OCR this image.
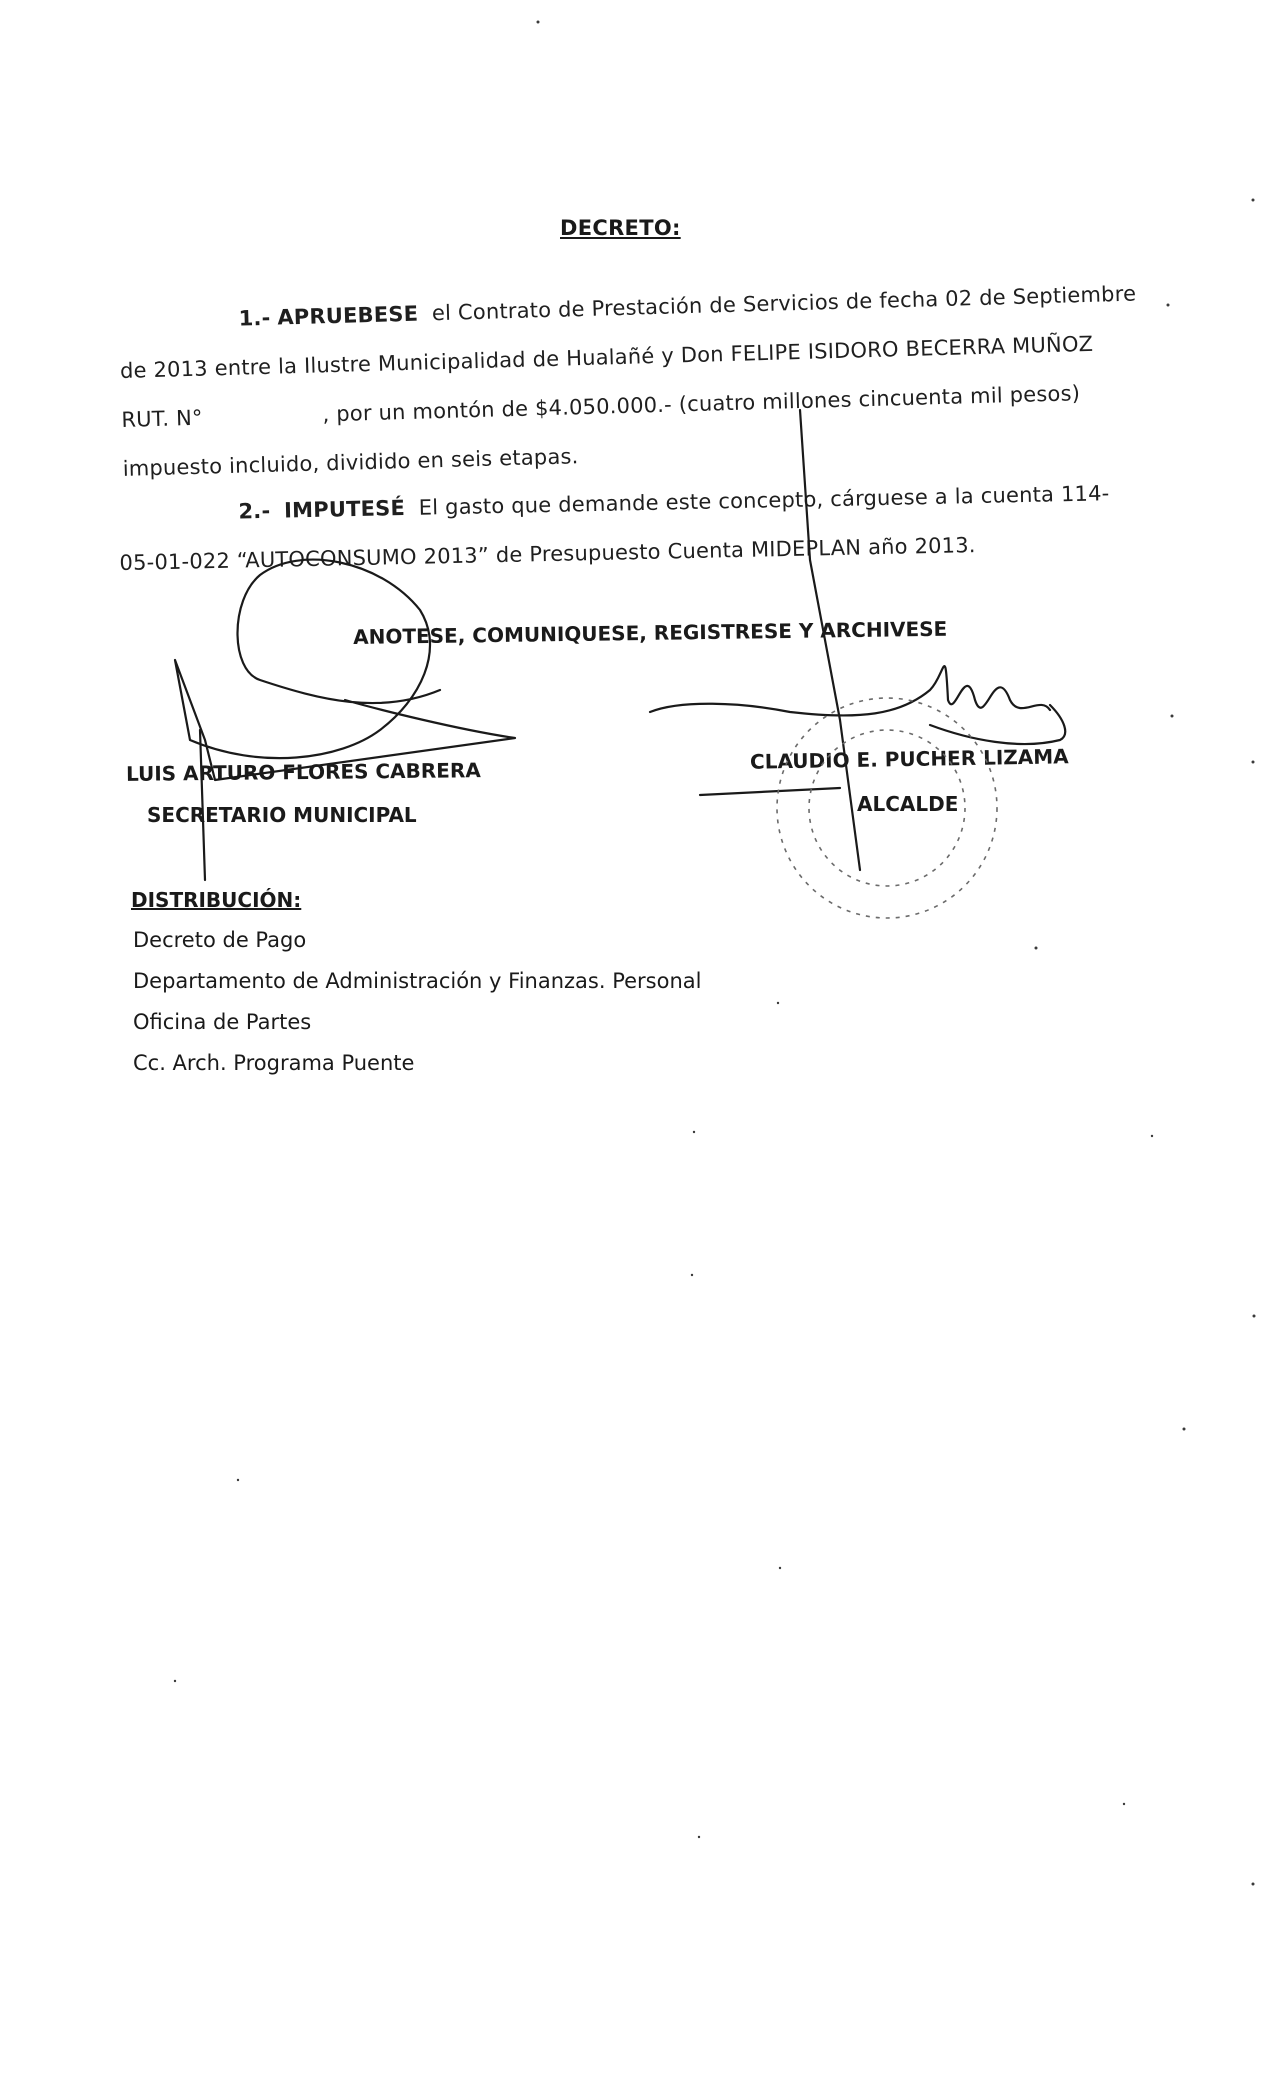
DECRETO:
1.- APRUEBESE el Contrato de Prestación de Servicios de fecha 02 de Septiembre
de 2013 entre la Ilustre Municipalidad de Hualañé y Don FELIPE ISIDORO BECERRA MUÑOZ
RUT. N°	, por un montón de $4.050.000.- (cuatro millones cincuenta mil pesos)
impuesto incluido, dividido en seis etapas.
2.- IMPUTESÉ El gasto que demande este concepto, cárguese a la cuenta 114-
05-01-022 “AUTOCONSUMO 2013” de Presupuesto Cuenta MIDEPLAN año 2013.
ANOTESE, COMUNIQUESE, REGISTRESE Y ARCHIVESE
LUIS ARTURO FLORES CABRERA
SECRETARIO MUNICIPAL
CLAUDIO E. PUCHER LIZAMA
ALCALDE
DISTRIBUCIÓN:
Decreto de Pago
Departamento de Administración y Finanzas. Personal
Oficina de Partes
Cc. Arch. Programa Puente
